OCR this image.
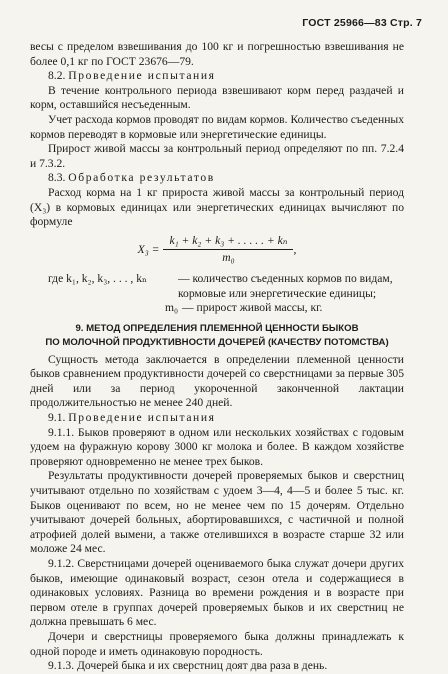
ГОСТ 25966—83 Стр. 7

весы с пределом взвешивания до 100 кг и погрешностью взвешивания не более 0,1 кг по ГОСТ 23676—79.

8.2. Проведение испытания

В течение контрольного периода взвешивают корм перед раздачей и корм, оставшийся несъеденным.

Учет расхода кормов проводят по видам кормов. Количество съеденных кормов переводят в кормовые или энергетические единицы.

Прирост живой массы за контрольный период определяют по пп. 7.2.4 и 7.3.2.

8.3. Обработка результатов

Расход корма на 1 кг прироста живой массы за контрольный период (X₃) в кормовых единицах или энергетических единицах вычисляют по формуле

$X_3 = \frac{\text{k₁ + k₂ + k₃ + . . . . . + kₙ}}{\text{m₀}}$ ,
где k₁, k₂, k₃, . . . , kₙ	— количество съеденных кормов по видам, кормовые или энергетические единицы;
m₀ — прирост живой массы, кг.
9. МЕТОД ОПРЕДЕЛЕНИЯ ПЛЕМЕННОЙ ЦЕННОСТИ БЫКОВ
ПО МОЛОЧНОЙ ПРОДУКТИВНОСТИ ДОЧЕРЕЙ (КАЧЕСТВУ ПОТОМСТВА)

Сущность метода заключается в определении племенной ценности быков сравнением продуктивности дочерей со сверстницами за первые 305 дней или за период укороченной законченной лактации продолжительностью не менее 240 дней.

9.1. Проведение испытания

9.1.1. Быков проверяют в одном или нескольких хозяйствах с годовым удоем на фуражную корову 3000 кг молока и более. В каждом хозяйстве проверяют одновременно не менее трех быков.

Результаты продуктивности дочерей проверяемых быков и сверстниц учитывают отдельно по хозяйствам с удоем 3—4, 4—5 и более 5 тыс. кг. Быков оценивают по всем, но не менее чем по 15 дочерям. Отдельно учитывают дочерей больных, абортировавшихся, с частичной и полной атрофией долей вымени, а также отелившихся в возрасте старше 32 или моложе 24 мес.

9.1.2. Сверстницами дочерей оцениваемого быка служат дочери других быков, имеющие одинаковый возраст, сезон отела и содержащиеся в одинаковых условиях. Разница во времени рождения и в возрасте при первом отеле в группах дочерей проверяемых быков и их сверстниц не должна превышать 6 мес.

Дочери и сверстницы проверяемого быка должны принадлежать к одной породе и иметь одинаковую породность.

9.1.3. Дочерей быка и их сверстниц доят два раза в день.
